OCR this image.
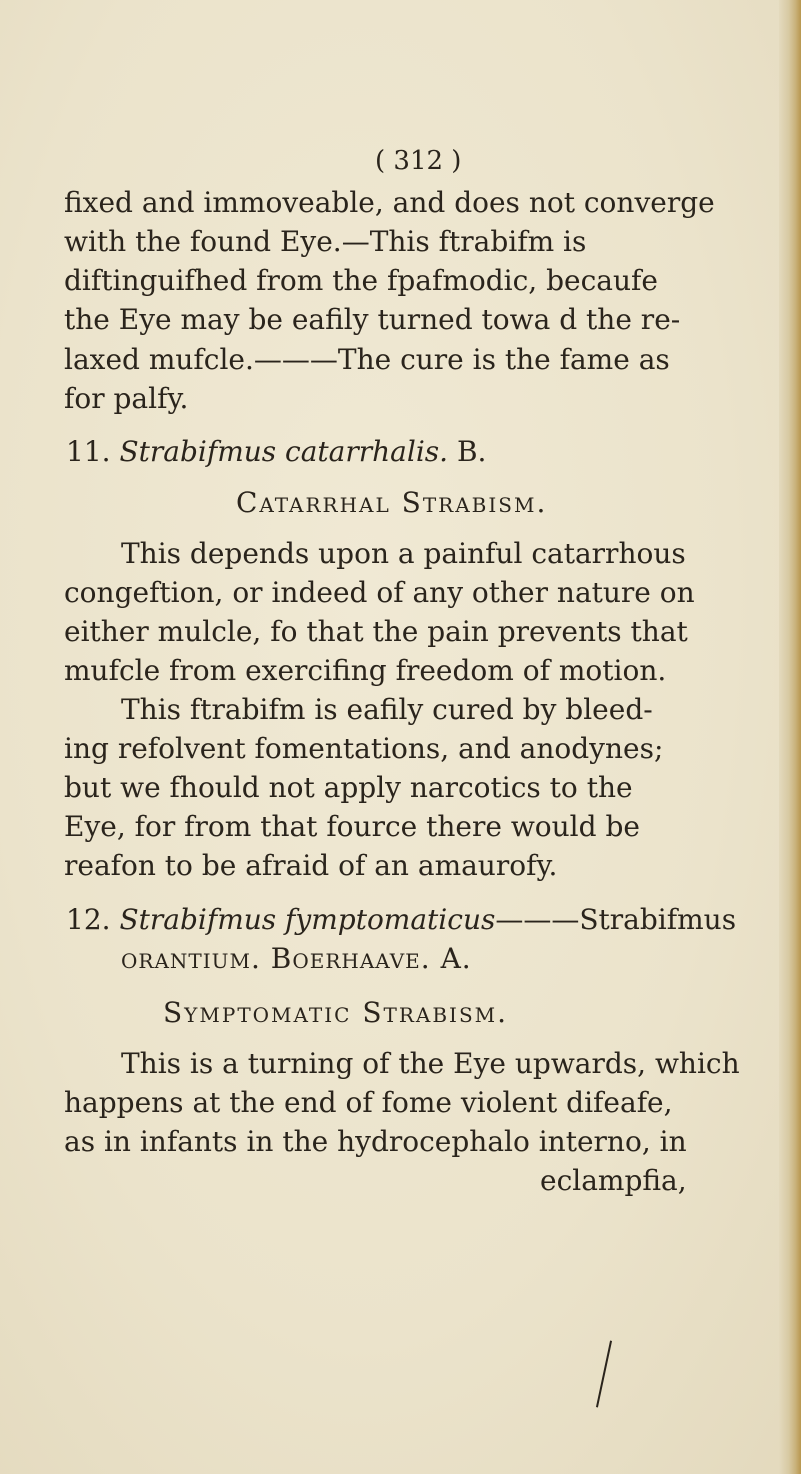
( 312 )
fixed and immoveable, and does not converge
with the found Eye.—This ftrabifm is
diftinguifhed from the fpafmodic, becaufe
the Eye may be eafily turned towa d the re-
laxed mufcle.———The cure is the fame as
for palfy.
11. Strabifmus catarrhalis. B.
Catarrhal Strabism.
This depends upon a painful catarrhous
congeftion, or indeed of any other nature on
either mulcle, fo that the pain prevents that
mufcle from exercifing freedom of motion.
This ftrabifm is eafily cured by bleed-
ing refolvent fomentations, and anodynes;
but we fhould not apply narcotics to the
Eye, for from that fource there would be
reafon to be afraid of an amaurofy.
12. Strabifmus fymptomaticus———Strabifmus
orantium. Boerhaave. A.
Symptomatic Strabism.
This is a turning of the Eye upwards, which
happens at the end of fome violent difeafe,
as in infants in the hydrocephalo interno, in
eclampfia,
